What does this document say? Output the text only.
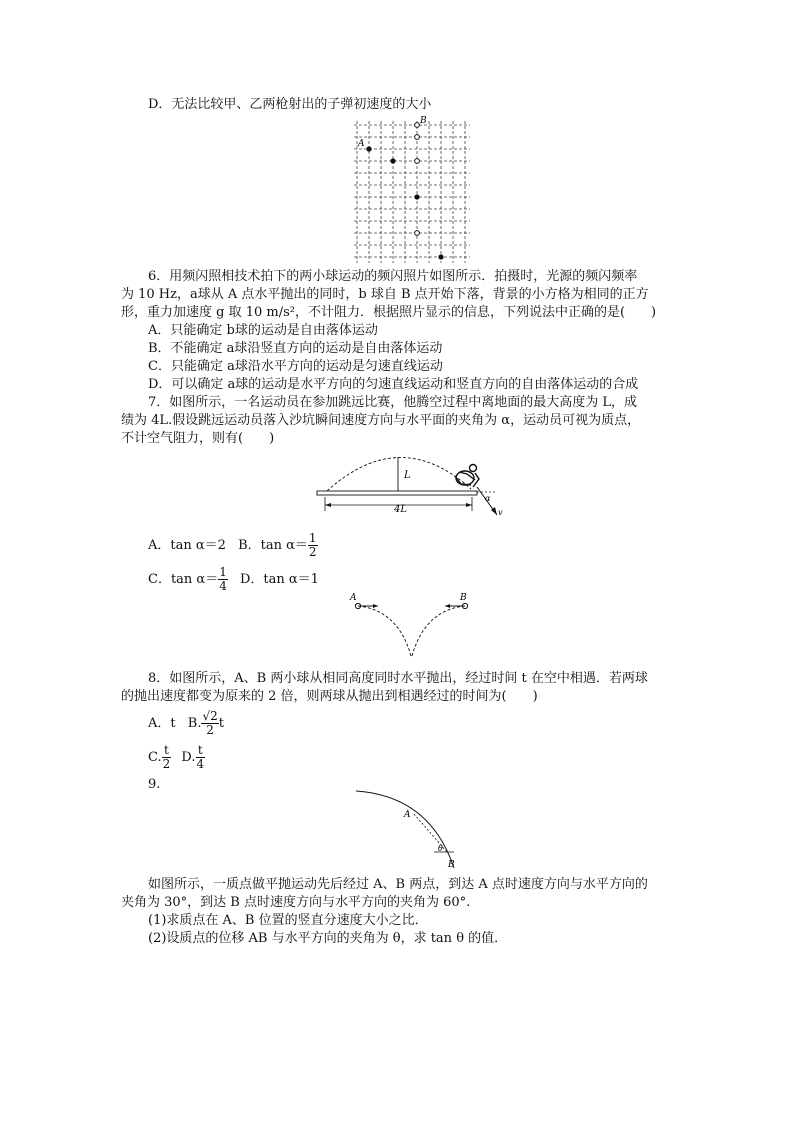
D．无法比较甲、乙两枪射出的子弹初速度的大小
A
B
6．用频闪照相技术拍下的两小球运动的频闪照片如图所示．拍摄时，光源的频闪频率
为 10 Hz，a球从 A 点水平抛出的同时，b 球自 B 点开始下落，背景的小方格为相同的正方
形，重力加速度 g 取 10 m/s²，不计阻力．根据照片显示的信息，下列说法中正确的是(　　)
A．只能确定 b球的运动是自由落体运动
B．不能确定 a球沿竖直方向的运动是自由落体运动
C．只能确定 a球沿水平方向的运动是匀速直线运动
D．可以确定 a球的运动是水平方向的匀速直线运动和竖直方向的自由落体运动的合成
7．如图所示，一名运动员在参加跳远比赛，他腾空过程中离地面的最大高度为 L，成
绩为 4L.假设跳远运动员落入沙坑瞬间速度方向与水平面的夹角为 α，运动员可视为质点，
不计空气阻力，则有(　　)
L
4L
α
v
A．tan α＝2 B．$\tan \alpha= \frac{1}{2}$
C．$\tan \alpha= \frac{1}{4}$ D．tan α＝1
A	B
8．如图所示，A、B 两小球从相同高度同时水平抛出，经过时间 t 在空中相遇．若两球
的抛出速度都变为原来的 2 倍，则两球从抛出到相遇经过的时间为(　　)
A．t B. $\frac{√2}{2}$ t
C. $\frac{t}{2} D$. $\frac{t}{4}$
9.
A
θ
B
如图所示，一质点做平抛运动先后经过 A、B 两点，到达 A 点时速度方向与水平方向的
夹角为 30°，到达 B 点时速度方向与水平方向的夹角为 60°.
(1)求质点在 A、B 位置的竖直分速度大小之比．
(2)设质点的位移 AB 与水平方向的夹角为 θ，求 tan θ 的值．
